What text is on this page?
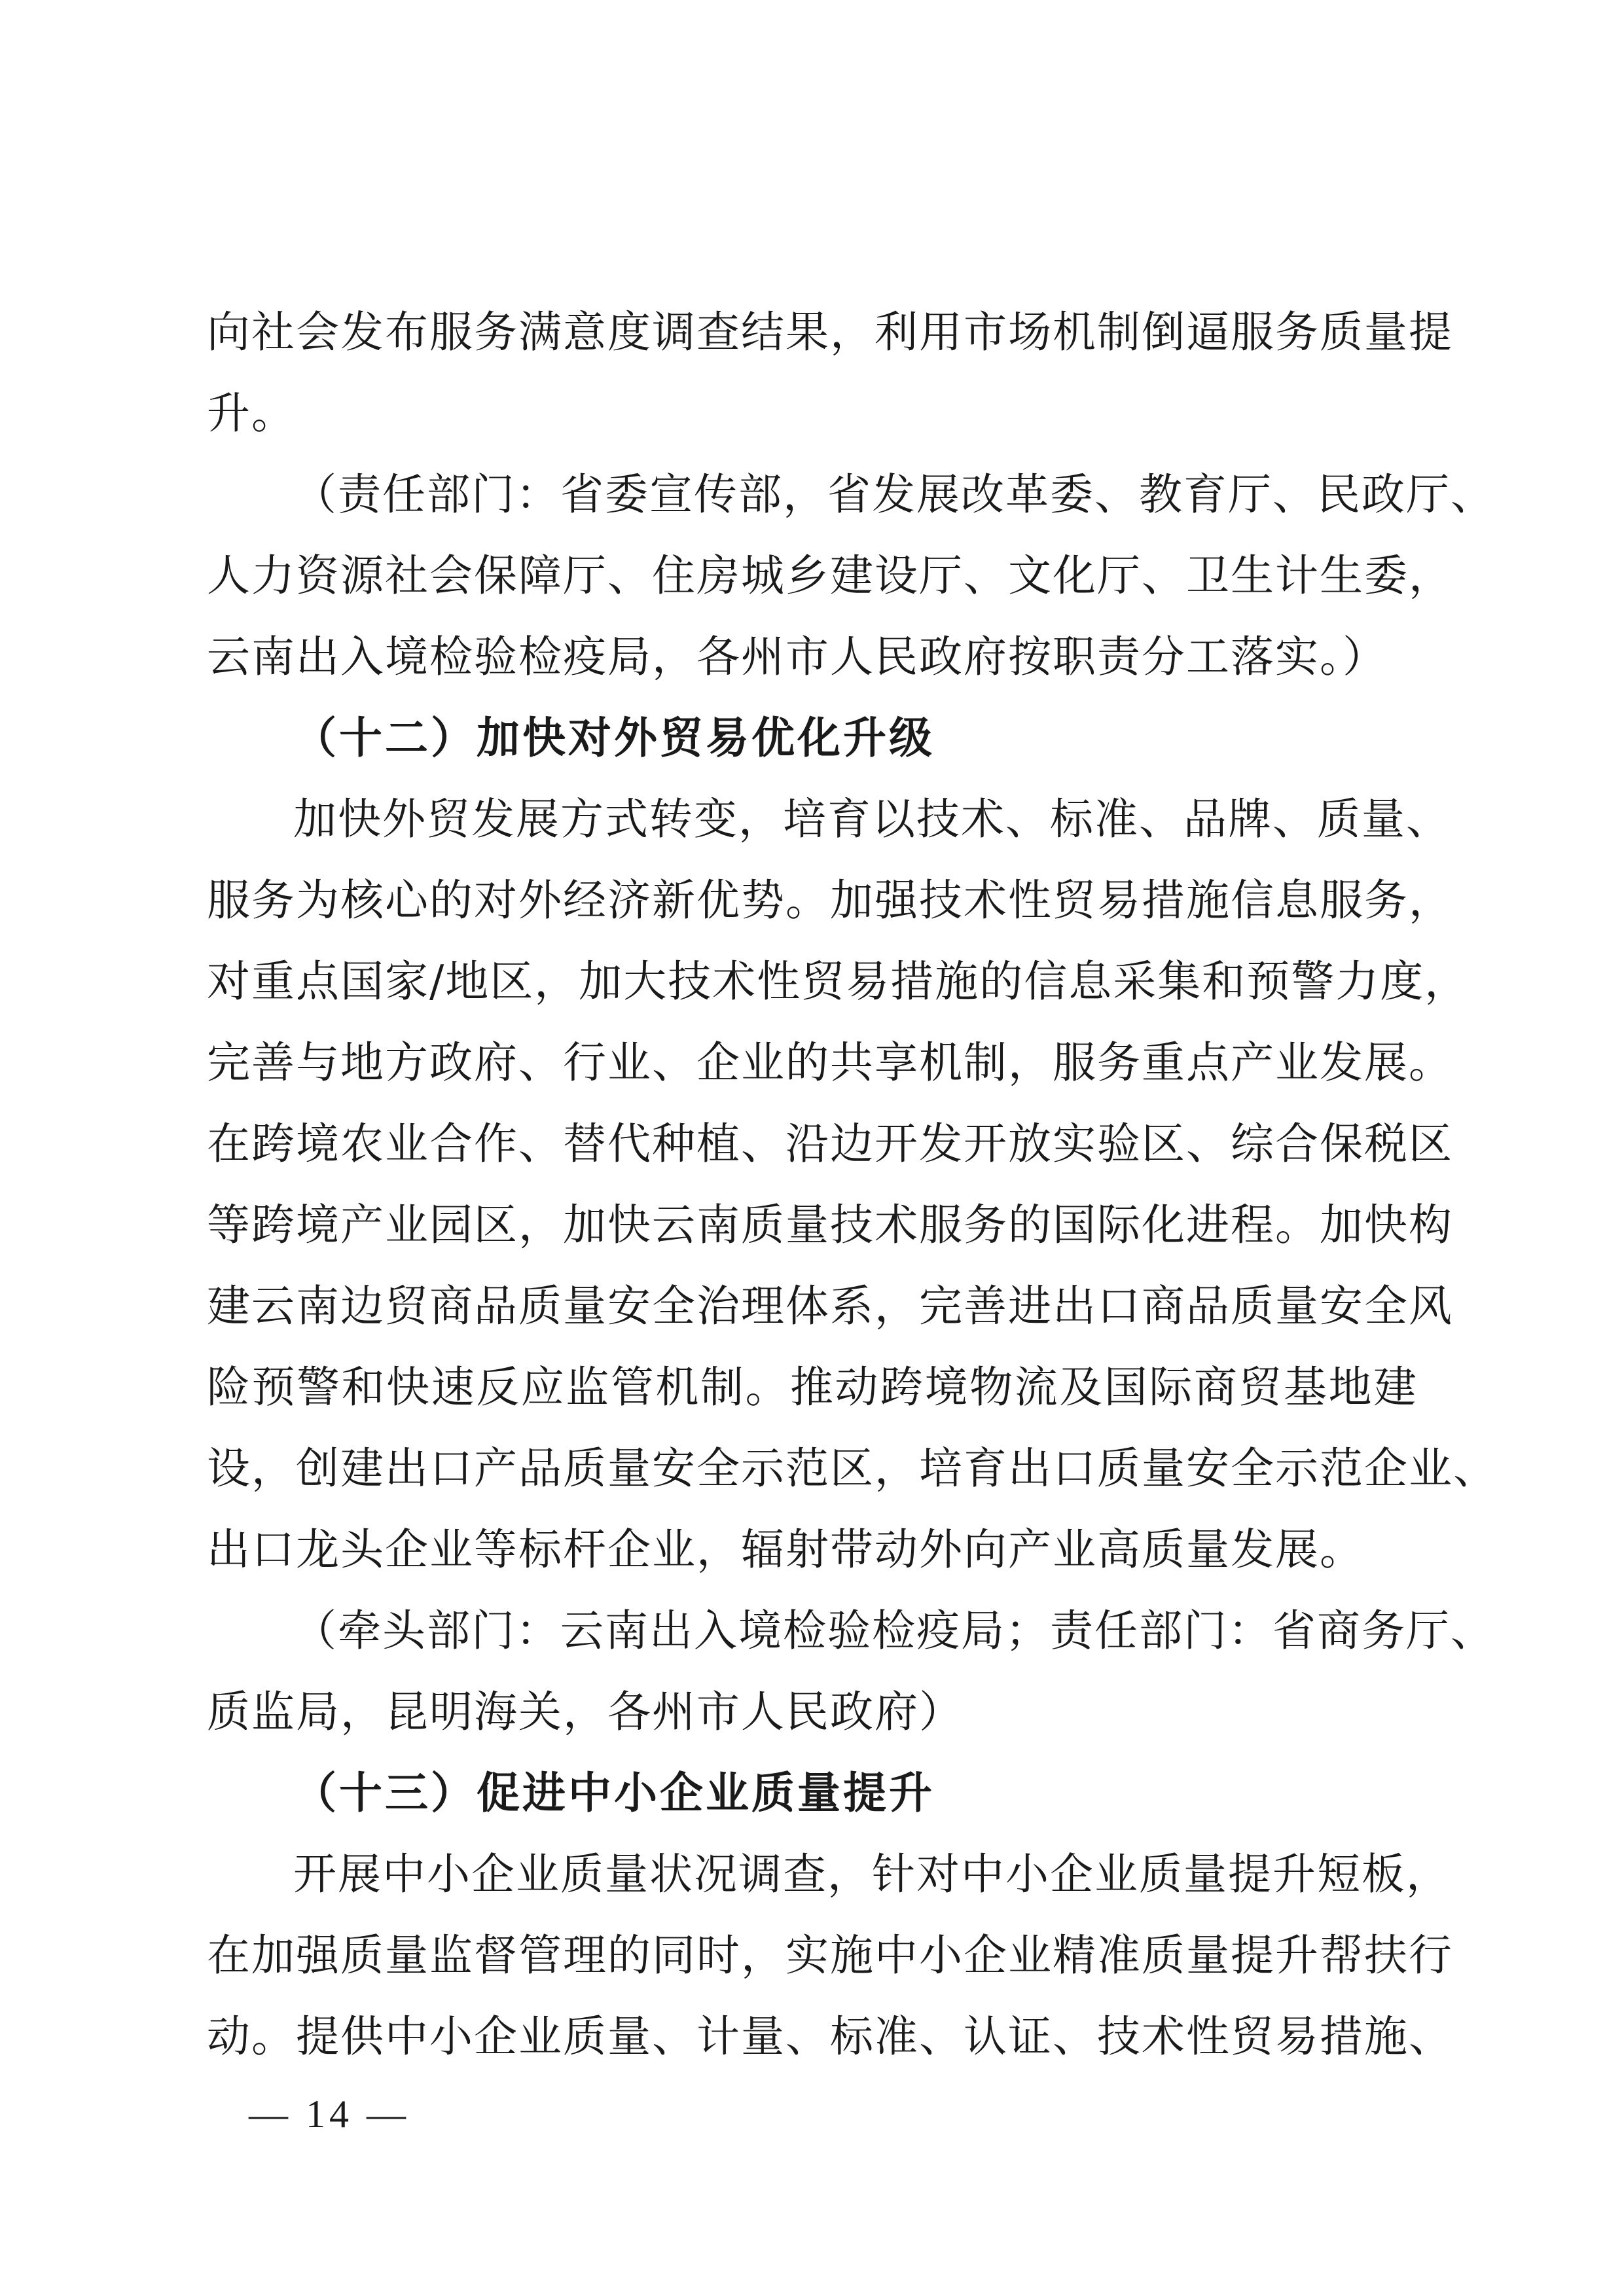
向社会发布服务满意度调查结果，利用市场机制倒逼服务质量提
升。
（责任部门：省委宣传部，省发展改革委、教育厅、民政厅、
人力资源社会保障厅、住房城乡建设厅、文化厅、卫生计生委，
云南出入境检验检疫局，各州市人民政府按职责分工落实。）
（十二）加快对外贸易优化升级
加快外贸发展方式转变，培育以技术、标准、品牌、质量、
服务为核心的对外经济新优势。加强技术性贸易措施信息服务，
对重点国家/地区，加大技术性贸易措施的信息采集和预警力度，
完善与地方政府、行业、企业的共享机制，服务重点产业发展。
在跨境农业合作、替代种植、沿边开发开放实验区、综合保税区
等跨境产业园区，加快云南质量技术服务的国际化进程。加快构
建云南边贸商品质量安全治理体系，完善进出口商品质量安全风
险预警和快速反应监管机制。推动跨境物流及国际商贸基地建
设，创建出口产品质量安全示范区，培育出口质量安全示范企业、
出口龙头企业等标杆企业，辐射带动外向产业高质量发展。
（牵头部门：云南出入境检验检疫局；责任部门：省商务厅、
质监局，昆明海关，各州市人民政府）
（十三）促进中小企业质量提升
开展中小企业质量状况调查，针对中小企业质量提升短板，
在加强质量监督管理的同时，实施中小企业精准质量提升帮扶行
动。提供中小企业质量、计量、标准、认证、技术性贸易措施、
— 14 —
